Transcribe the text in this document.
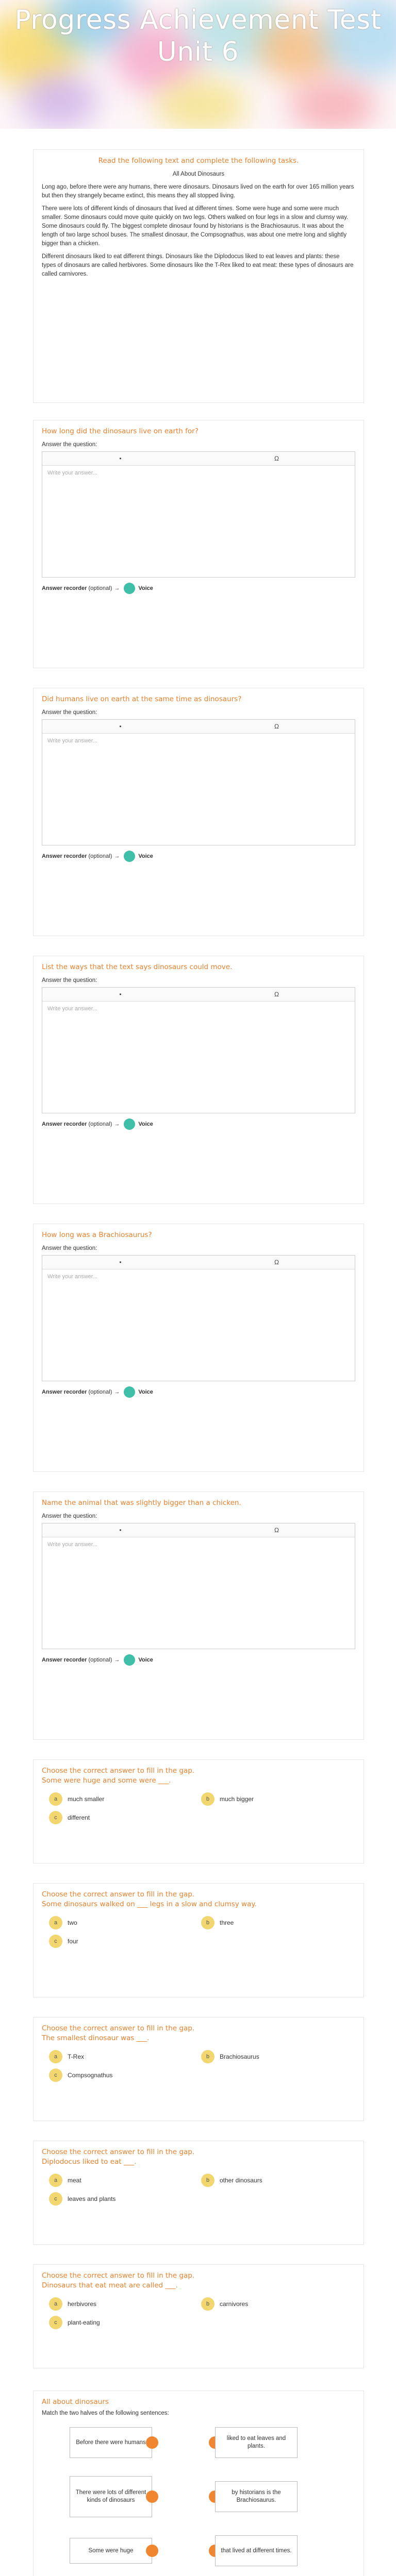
Progress Achievement Test Unit 6
Read the following text and complete the following tasks.
All About Dinosaurs

Long ago, before there were any humans, there were dinosaurs. Dinosaurs lived on the earth for over 165 million years but then they strangely became extinct, this means they all stopped living.

There were lots of different kinds of dinosaurs that lived at different times. Some were huge and some were much smaller. Some dinosaurs could move quite quickly on two legs. Others walked on four legs in a slow and clumsy way. Some dinosaurs could fly. The biggest complete dinosaur found by historians is the Brachiosaurus. It was about the length of two large school buses. The smallest dinosaur, the Compsognathus, was about one metre long and slightly bigger than a chicken.

Different dinosaurs liked to eat different things. Dinosaurs like the Diplodocus liked to eat leaves and plants: these types of dinosaurs are called herbivores. Some dinosaurs like the T-Rex liked to eat meat: these types of dinosaurs are called carnivores.

How long did the dinosaurs live on earth for?
Answer the question:
•	Ω
Write your answer...
Answer recorder
(optional) →	Voice
Did humans live on earth at the same time as dinosaurs?
Answer the question:
•	Ω
Write your answer...
Answer recorder
(optional) →	Voice
List the ways that the text says dinosaurs could move.
Answer the question:
•	Ω
Write your answer...
Answer recorder
(optional) →	Voice
How long was a Brachiosaurus?
Answer the question:
•	Ω
Write your answer...
Answer recorder
(optional) →	Voice
Name the animal that was slightly bigger than a chicken.
Answer the question:
•	Ω
Write your answer...
Answer recorder
(optional) →	Voice
Choose the correct answer to fill in the gap.
Some were huge and some were ___.
a	much smaller	b	much bigger
c	different
Choose the correct answer to fill in the gap.
Some dinosaurs walked on ___ legs in a slow and clumsy way.
a	two	b	three
c	four
Choose the correct answer to fill in the gap.
The smallest dinosaur was ___.
a	T-Rex	b	Brachiosaurus
c	Compsognathus
Choose the correct answer to fill in the gap.
Diplodocus liked to eat ___.
a	meat	b	other dinosaurs
c	leaves and plants
Choose the correct answer to fill in the gap.
Dinosaurs that eat meat are called ___.
a	herbivores	b	carnivores
c	plant-eating
All about dinosaurs
Match the two halves of the following sentences:
Before there were humans
liked to eat leaves and plants.
There were lots of different kinds of dinosaurs
by historians is the Brachiosaurus.
Some were huge	that lived at different times.
